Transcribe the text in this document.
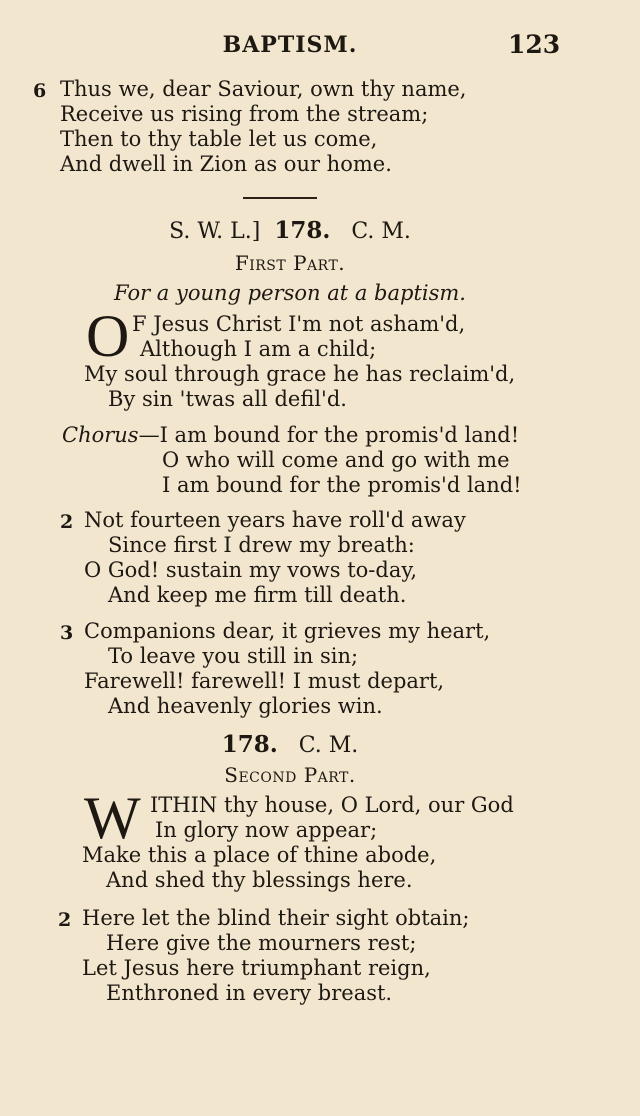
BAPTISM.	123
6 Thus we, dear Saviour, own thy name,
Receive us rising from the stream;
Then to thy table let us come,
And dwell in Zion as our home.
S. W. L.] 178. C. M.
First Part.
For a young person at a baptism.
O F Jesus Christ I'm not asham'd,
Although I am a child;
My soul through grace he has reclaim'd,
By sin 'twas all defil'd.
Chorus—I am bound for the promis'd land!
O who will come and go with me
I am bound for the promis'd land!
2 Not fourteen years have roll'd away
Since first I drew my breath:
O God! sustain my vows to-day,
And keep me firm till death.
3 Companions dear, it grieves my heart,
To leave you still in sin;
Farewell! farewell! I must depart,
And heavenly glories win.
178. C. M.
Second Part.
W ITHIN thy house, O Lord, our God
In glory now appear;
Make this a place of thine abode,
And shed thy blessings here.
2 Here let the blind their sight obtain;
Here give the mourners rest;
Let Jesus here triumphant reign,
Enthroned in every breast.
